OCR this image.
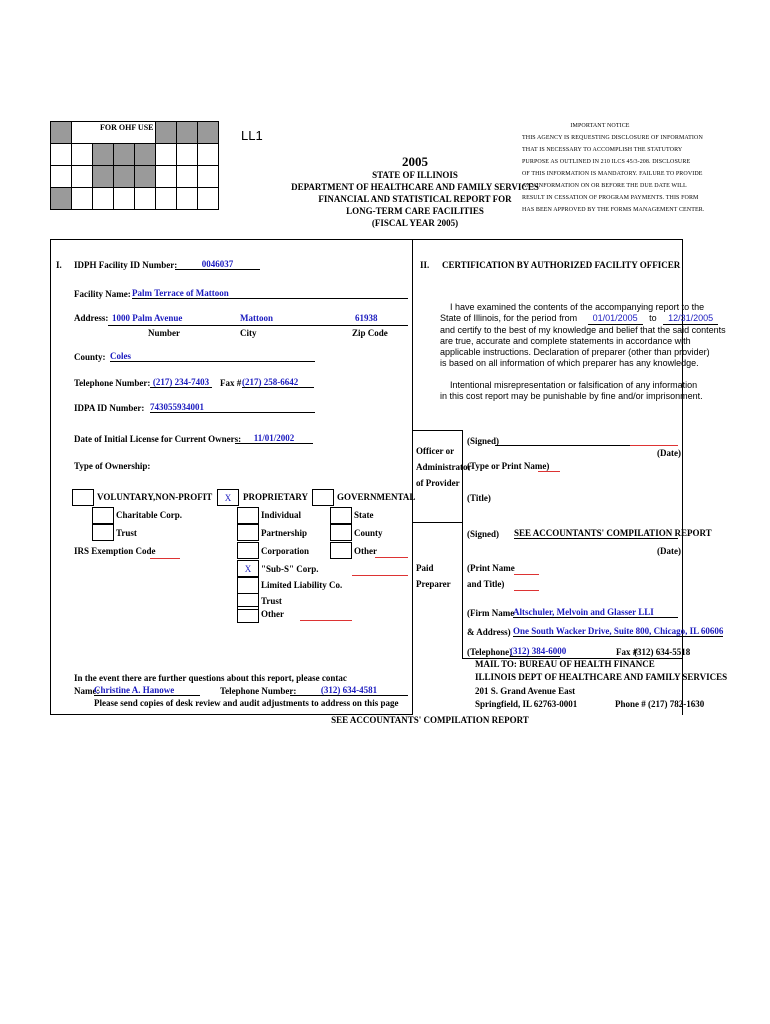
FOR OHF USE
LL1
2005
STATE OF ILLINOIS
DEPARTMENT OF HEALTHCARE AND FAMILY SERVICES
FINANCIAL AND STATISTICAL REPORT FOR
LONG-TERM CARE FACILITIES
(FISCAL YEAR 2005)
IMPORTANT NOTICE
THIS AGENCY IS REQUESTING DISCLOSURE OF INFORMATION
THAT IS NECESSARY TO ACCOMPLISH THE STATUTORY
PURPOSE AS OUTLINED IN 210 ILCS 45/3-208. DISCLOSURE
OF THIS INFORMATION IS MANDATORY. FAILURE TO PROVIDE
ANY INFORMATION ON OR BEFORE THE DUE DATE WILL
RESULT IN CESSATION OF PROGRAM PAYMENTS. THIS FORM
HAS BEEN APPROVED BY THE FORMS MANAGEMENT CENTER.
I. IDPH Facility ID Number:	0046037
Facility Name: Palm Terrace of Mattoon
Address: 1000 Palm Avenue	Mattoon	61938
Number	City	Zip Code
County: Coles
Telephone Number: (217) 234-7403	Fax # (217) 258-6642
IDPA ID Number: 743055934001
Date of Initial License for Current Owners:	11/01/2002
Type of Ownership:
VOLUNTARY,NON-PROFIT
Charitable Corp.
Trust
IRS Exemption Code
X	PROPRIETARY
Individual
Partnership
Corporation
X	"Sub-S" Corp.
Limited Liability Co.
Trust
Other
GOVERNMENTAL
State
County
Other
In the event there are further questions about this report, please contac
Name:
Christine A. Hanowe	Telephone Number:	(312) 634-4581
Please send copies of desk review and audit adjustments to address on this page
II. CERTIFICATION BY AUTHORIZED FACILITY OFFICER
I have examined the contents of the accompanying report to the
State of Illinois, for the period from 01/01/2005 to 12/31/2005
and certify to the best of my knowledge and belief that the said contents
are true, accurate and complete statements in accordance with
applicable instructions. Declaration of preparer (other than provider)
is based on all information of which preparer has any knowledge.
Intentional misrepresentation or falsification of any information
in this cost report may be punishable by fine and/or imprisonment.
Officer or
Administrator
of Provider
(Signed)
(Date)
(Type or Print Name)
(Title)
(Signed) SEE ACCOUNTANTS' COMPILATION REPORT
(Date)
Paid
Preparer
(Print Name
and Title)
(Firm Name
Altschuler, Melvoin and Glasser LLI
& Address) One South Wacker Drive, Suite 800, Chicago, IL 60606
(Telephone)
(312) 384-6000	Fax #
(312) 634-5518
MAIL TO: BUREAU OF HEALTH FINANCE
ILLINOIS DEPT OF HEALTHCARE AND FAMILY SERVICES
201 S. Grand Avenue East
Springfield, IL 62763-0001	Phone # (217) 782-1630
SEE ACCOUNTANTS' COMPILATION REPORT
